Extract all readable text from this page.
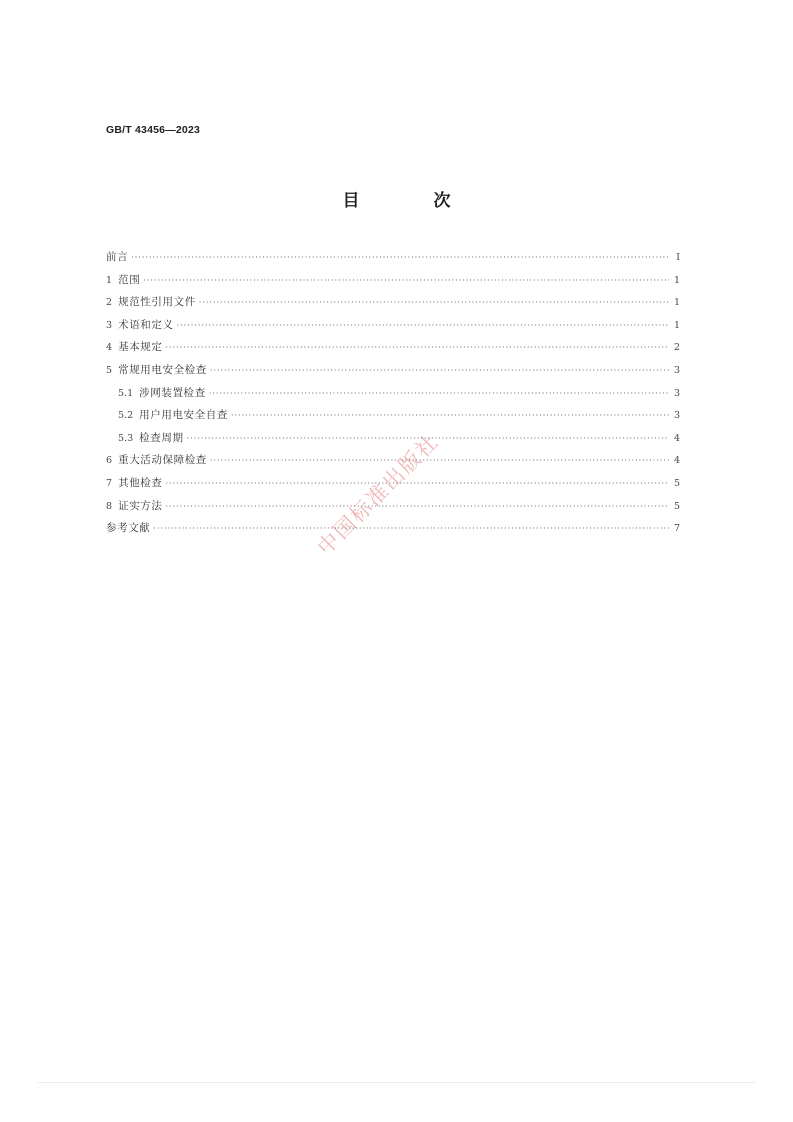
GB/T 43456—2023
目 次
前言 ·····	Ⅰ
1 范围 ·····	1
2 规范性引用文件 ·····	1
3 术语和定义 ·····	1
4 基本规定 ·····	2
5 常规用电安全检查 ·····	3
5.1 涉网装置检查 ·····	3
5.2 用户用电安全自查 ·····	3
5.3 检查周期 ·····	4
6 重大活动保障检查 ·····	4
7 其他检查 ·····	5
8 证实方法 ·····	5
参考文献 ·····	7
中国标准出版社
